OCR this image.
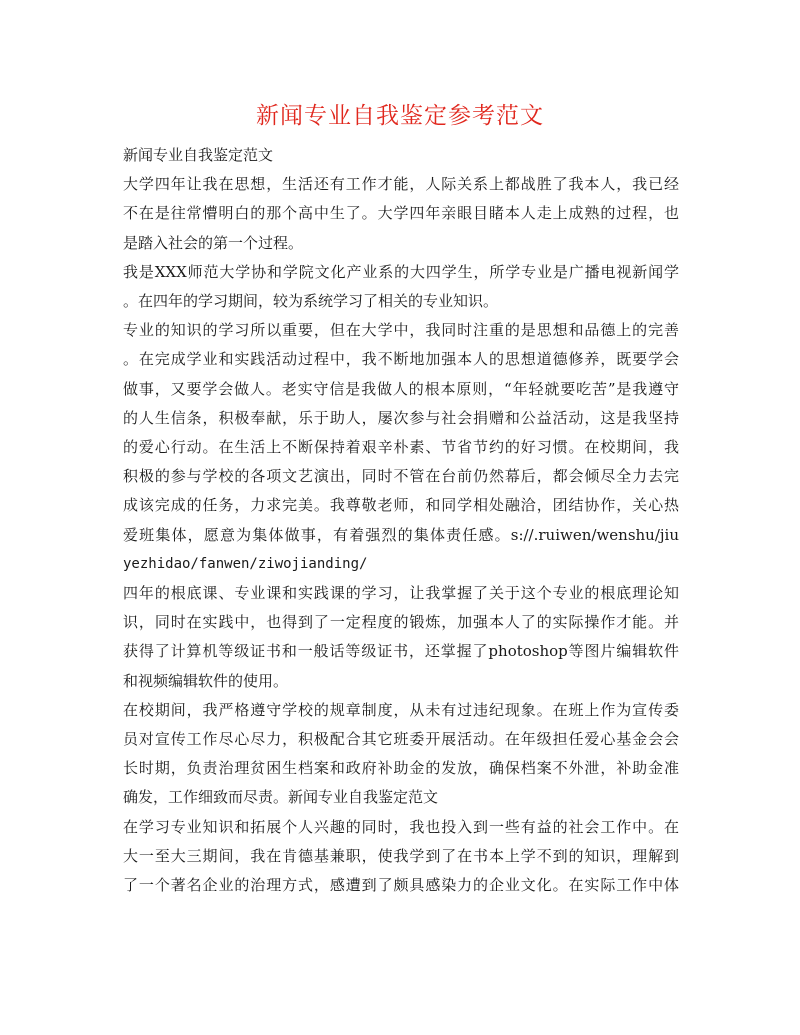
新闻专业自我鉴定参考范文
新闻专业自我鉴定范文
大学四年让我在思想，生活还有工作才能，人际关系上都战胜了我本人，我已经
不在是往常懵明白的那个高中生了。大学四年亲眼目睹本人走上成熟的过程，也
是踏入社会的第一个过程。
我是XXX师范大学协和学院文化产业系的大四学生，所学专业是广播电视新闻学
。在四年的学习期间，较为系统学习了相关的专业知识。
专业的知识的学习所以重要，但在大学中，我同时注重的是思想和品德上的完善
。在完成学业和实践活动过程中，我不断地加强本人的思想道德修养，既要学会
做事，又要学会做人。老实守信是我做人的根本原则，“年轻就要吃苦”是我遵守
的人生信条，积极奉献，乐于助人，屡次参与社会捐赠和公益活动，这是我坚持
的爱心行动。在生活上不断保持着艰辛朴素、节省节约的好习惯。在校期间，我
积极的参与学校的各项文艺演出，同时不管在台前仍然幕后，都会倾尽全力去完
成该完成的任务，力求完美。我尊敬老师，和同学相处融洽，团结协作，关心热
爱班集体，愿意为集体做事，有着强烈的集体责任感。s://.ruiwen/wenshu/jiu
yezhidao/fanwen/ziwojianding/
四年的根底课、专业课和实践课的学习，让我掌握了关于这个专业的根底理论知
识，同时在实践中，也得到了一定程度的锻炼，加强本人了的实际操作才能。并
获得了计算机等级证书和一般话等级证书，还掌握了photoshop等图片编辑软件
和视频编辑软件的使用。
在校期间，我严格遵守学校的规章制度，从未有过违纪现象。在班上作为宣传委
员对宣传工作尽心尽力，积极配合其它班委开展活动。在年级担任爱心基金会会
长时期，负责治理贫困生档案和政府补助金的发放，确保档案不外泄，补助金准
确发，工作细致而尽责。新闻专业自我鉴定范文
在学习专业知识和拓展个人兴趣的同时，我也投入到一些有益的社会工作中。在
大一至大三期间，我在肯德基兼职，使我学到了在书本上学不到的知识，理解到
了一个著名企业的治理方式，感遭到了颇具感染力的企业文化。在实际工作中体
